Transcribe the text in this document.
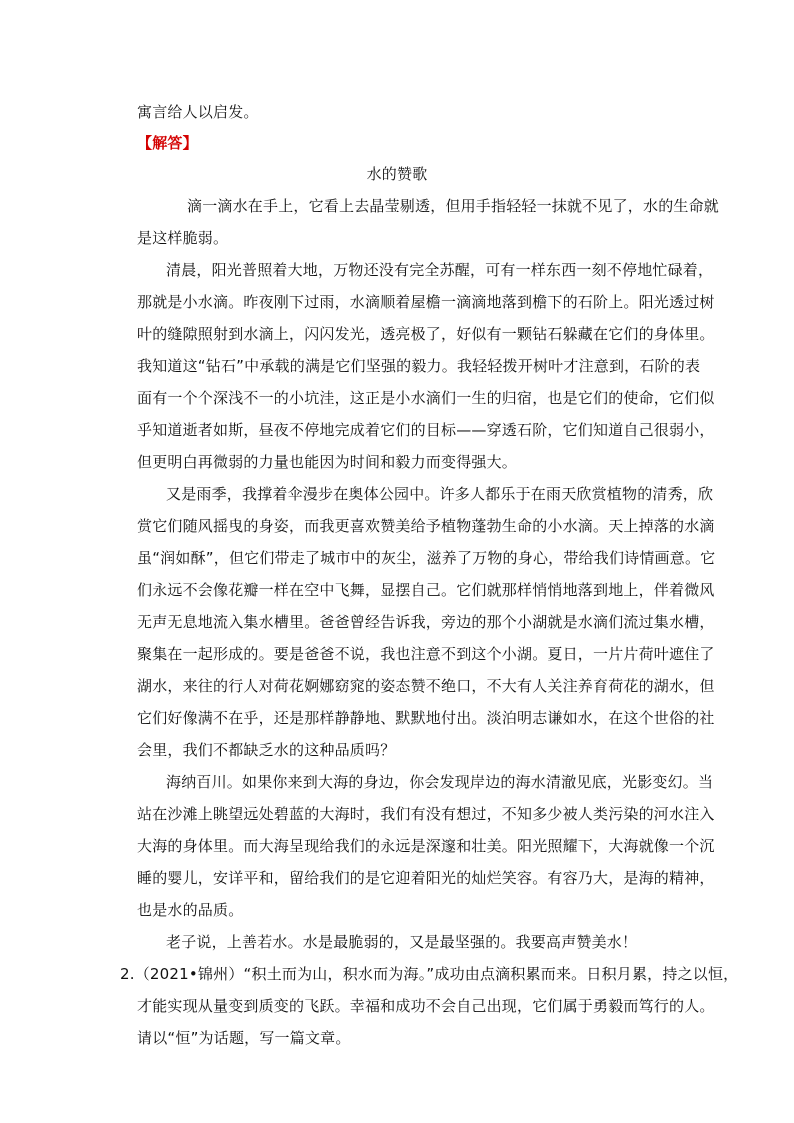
寓言给人以启发。

【解答】

水的赞歌

滴一滴水在手上，它看上去晶莹剔透，但用手指轻轻一抹就不见了，水的生命就

是这样脆弱。

清晨，阳光普照着大地，万物还没有完全苏醒，可有一样东西一刻不停地忙碌着，

那就是小水滴。昨夜刚下过雨，水滴顺着屋檐一滴滴地落到檐下的石阶上。阳光透过树

叶的缝隙照射到水滴上，闪闪发光，透亮极了，好似有一颗钻石躲藏在它们的身体里。

我知道这“钻石”中承载的满是它们坚强的毅力。我轻轻拨开树叶才注意到，石阶的表

面有一个个深浅不一的小坑洼，这正是小水滴们一生的归宿，也是它们的使命，它们似

乎知道逝者如斯，昼夜不停地完成着它们的目标——穿透石阶，它们知道自己很弱小，

但更明白再微弱的力量也能因为时间和毅力而变得强大。

又是雨季，我撑着伞漫步在奥体公园中。许多人都乐于在雨天欣赏植物的清秀，欣

赏它们随风摇曳的身姿，而我更喜欢赞美给予植物蓬勃生命的小水滴。天上掉落的水滴

虽“润如酥”，但它们带走了城市中的灰尘，滋养了万物的身心，带给我们诗情画意。它

们永远不会像花瓣一样在空中飞舞，显摆自己。它们就那样悄悄地落到地上，伴着微风

无声无息地流入集水槽里。爸爸曾经告诉我，旁边的那个小湖就是水滴们流过集水槽，

聚集在一起形成的。要是爸爸不说，我也注意不到这个小湖。夏日，一片片荷叶遮住了

湖水，来往的行人对荷花婀娜窈窕的姿态赞不绝口，不大有人关注养育荷花的湖水，但

它们好像满不在乎，还是那样静静地、默默地付出。淡泊明志谦如水，在这个世俗的社

会里，我们不都缺乏水的这种品质吗？

海纳百川。如果你来到大海的身边，你会发现岸边的海水清澈见底，光影变幻。当

站在沙滩上眺望远处碧蓝的大海时，我们有没有想过，不知多少被人类污染的河水注入

大海的身体里。而大海呈现给我们的永远是深邃和壮美。阳光照耀下，大海就像一个沉

睡的婴儿，安详平和，留给我们的是它迎着阳光的灿烂笑容。有容乃大，是海的精神，

也是水的品质。

老子说，上善若水。水是最脆弱的，又是最坚强的。我要高声赞美水！

2.（2021•锦州）“积土而为山，积水而为海。”成功由点滴积累而来。日积月累，持之以恒，

才能实现从量变到质变的飞跃。幸福和成功不会自己出现，它们属于勇毅而笃行的人。

请以“恒”为话题，写一篇文章。
